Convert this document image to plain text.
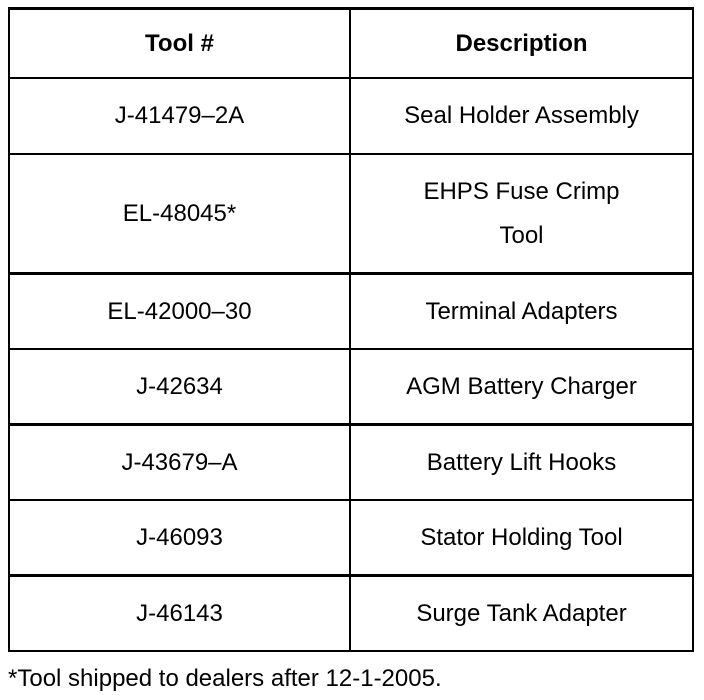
Tool #	Description
J-41479–2A	Seal Holder Assembly
EL-48045*	EHPS Fuse Crimp Tool
EL-42000–30	Terminal Adapters
J-42634	AGM Battery Charger
J-43679–A	Battery Lift Hooks
J-46093	Stator Holding Tool
J-46143	Surge Tank Adapter
*Tool shipped to dealers after 12-1-2005.
